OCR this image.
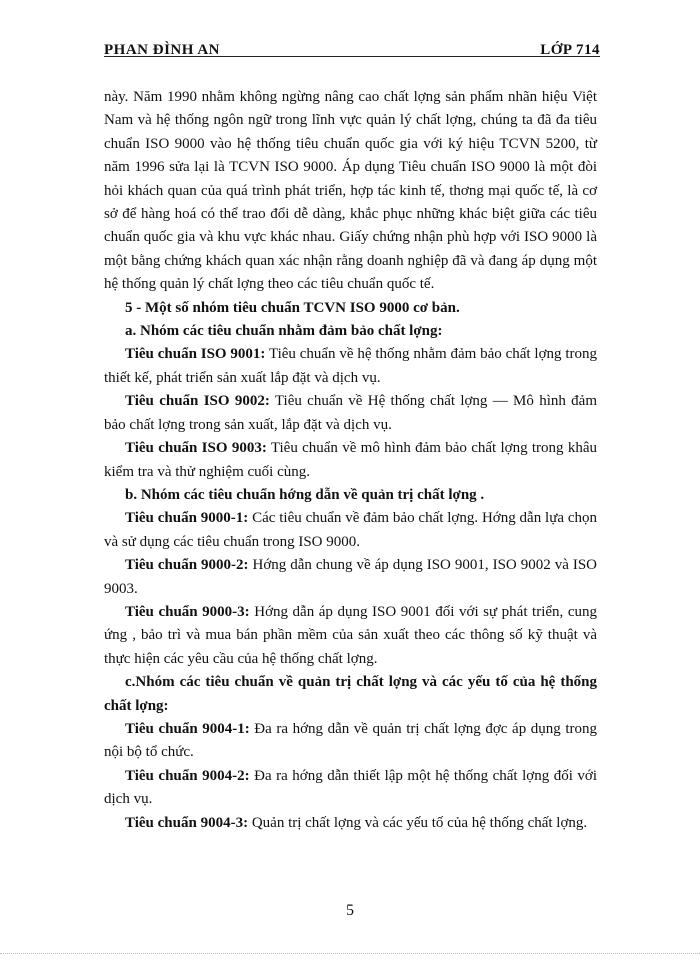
PHAN ĐÌNH AN	LỚP 714

này. Năm 1990 nhằm không ngừng nâng cao chất lợng sản phẩm nhãn hiệu Việt Nam và hệ thống ngôn ngữ trong lĩnh vực quản lý chất lợng, chúng ta đã đa tiêu chuẩn ISO 9000 vào hệ thống tiêu chuẩn quốc gia với ký hiệu TCVN 5200, từ năm 1996 sửa lại là TCVN ISO 9000. Áp dụng Tiêu chuẩn ISO 9000 là một đòi hỏi khách quan của quá trình phát triển, hợp tác kinh tế, thơng mại quốc tế, là cơ sở để hàng hoá có thể trao đổi dễ dàng, khắc phục những khác biệt giữa các tiêu chuẩn quốc gia và khu vực khác nhau. Giấy chứng nhận phù hợp với ISO 9000 là một bằng chứng khách quan xác nhận rằng doanh nghiệp đã và đang áp dụng một hệ thống quản lý chất lợng theo các tiêu chuẩn quốc tế.

5 - Một số nhóm tiêu chuẩn TCVN ISO 9000 cơ bản.

a. Nhóm các tiêu chuẩn nhằm đảm bảo chất lợng:

Tiêu chuẩn ISO 9001: Tiêu chuẩn về hệ thống nhằm đảm bảo chất lợng trong thiết kế, phát triển sản xuất lắp đặt và dịch vụ.

Tiêu chuẩn ISO 9002: Tiêu chuẩn về Hệ thống chất lợng — Mô hình đảm bảo chất lợng trong sản xuất, lắp đặt và dịch vụ.

Tiêu chuẩn ISO 9003: Tiêu chuẩn về mô hình đảm bảo chất lợng trong khâu kiểm tra và thử nghiệm cuối cùng.

b. Nhóm các tiêu chuẩn hớng dẫn về quản trị chất lợng .

Tiêu chuẩn 9000-1: Các tiêu chuẩn về đảm bảo chất lợng. Hớng dẫn lựa chọn và sử dụng các tiêu chuẩn trong ISO 9000.

Tiêu chuẩn 9000-2: Hớng dẫn chung về áp dụng ISO 9001, ISO 9002 và ISO 9003.

Tiêu chuẩn 9000-3: Hớng dẫn áp dụng ISO 9001 đối với sự phát triển, cung ứng , bảo trì và mua bán phần mềm của sản xuất theo các thông số kỹ thuật và thực hiện các yêu cầu của hệ thống chất lợng.

c.Nhóm các tiêu chuẩn về quản trị chất lợng và các yếu tố của hệ thống chất lợng:

Tiêu chuẩn 9004-1: Đa ra hớng dẫn về quản trị chất lợng đợc áp dụng trong nội bộ tổ chức.

Tiêu chuẩn 9004-2: Đa ra hớng dẫn thiết lập một hệ thống chất lợng đối với dịch vụ.

Tiêu chuẩn 9004-3: Quản trị chất lợng và các yếu tố của hệ thống chất lợng.

5
